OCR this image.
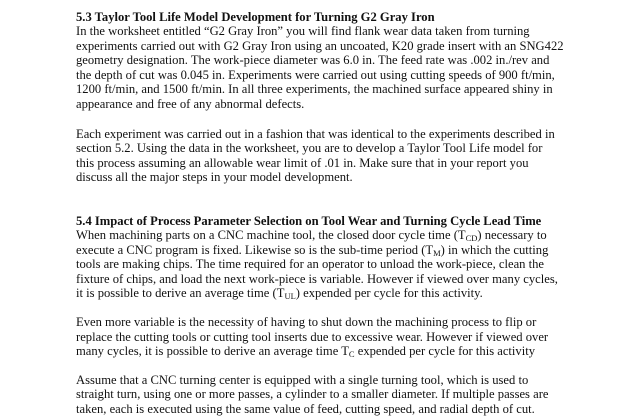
5.3 Taylor Tool Life Model Development for Turning G2 Gray Iron

In the worksheet entitled “G2 Gray Iron” you will find flank wear data taken from turning
experiments carried out with G2 Gray Iron using an uncoated, K20 grade insert with an SNG422
geometry designation. The work-piece diameter was 6.0 in. The feed rate was .002 in./rev and
the depth of cut was 0.045 in. Experiments were carried out using cutting speeds of 900 ft/min,
1200 ft/min, and 1500 ft/min. In all three experiments, the machined surface appeared shiny in
appearance and free of any abnormal defects.

Each experiment was carried out in a fashion that was identical to the experiments described in
section 5.2. Using the data in the worksheet, you are to develop a Taylor Tool Life model for
this process assuming an allowable wear limit of .01 in. Make sure that in your report you
discuss all the major steps in your model development.

5.4 Impact of Process Parameter Selection on Tool Wear and Turning Cycle Lead Time

When machining parts on a CNC machine tool, the closed door cycle time $(T_{CD})$ necessary to
execute a CNC program is fixed. Likewise so is the sub-time period $(T_M)$ in which the cutting
tools are making chips. The time required for an operator to unload the work-piece, clean the
fixture of chips, and load the next work-piece is variable. However if viewed over many cycles,
it is possible to derive an average time $(T_{UL})$ expended per cycle for this activity.

Even more variable is the necessity of having to shut down the machining process to flip or
replace the cutting tools or cutting tool inserts due to excessive wear. However if viewed over
many cycles, it is possible to derive an average time $T_C$ expended per cycle for this activity

Assume that a CNC turning center is equipped with a single turning tool, which is used to
straight turn, using one or more passes, a cylinder to a smaller diameter. If multiple passes are
taken, each is executed using the same value of feed, cutting speed, and radial depth of cut.
